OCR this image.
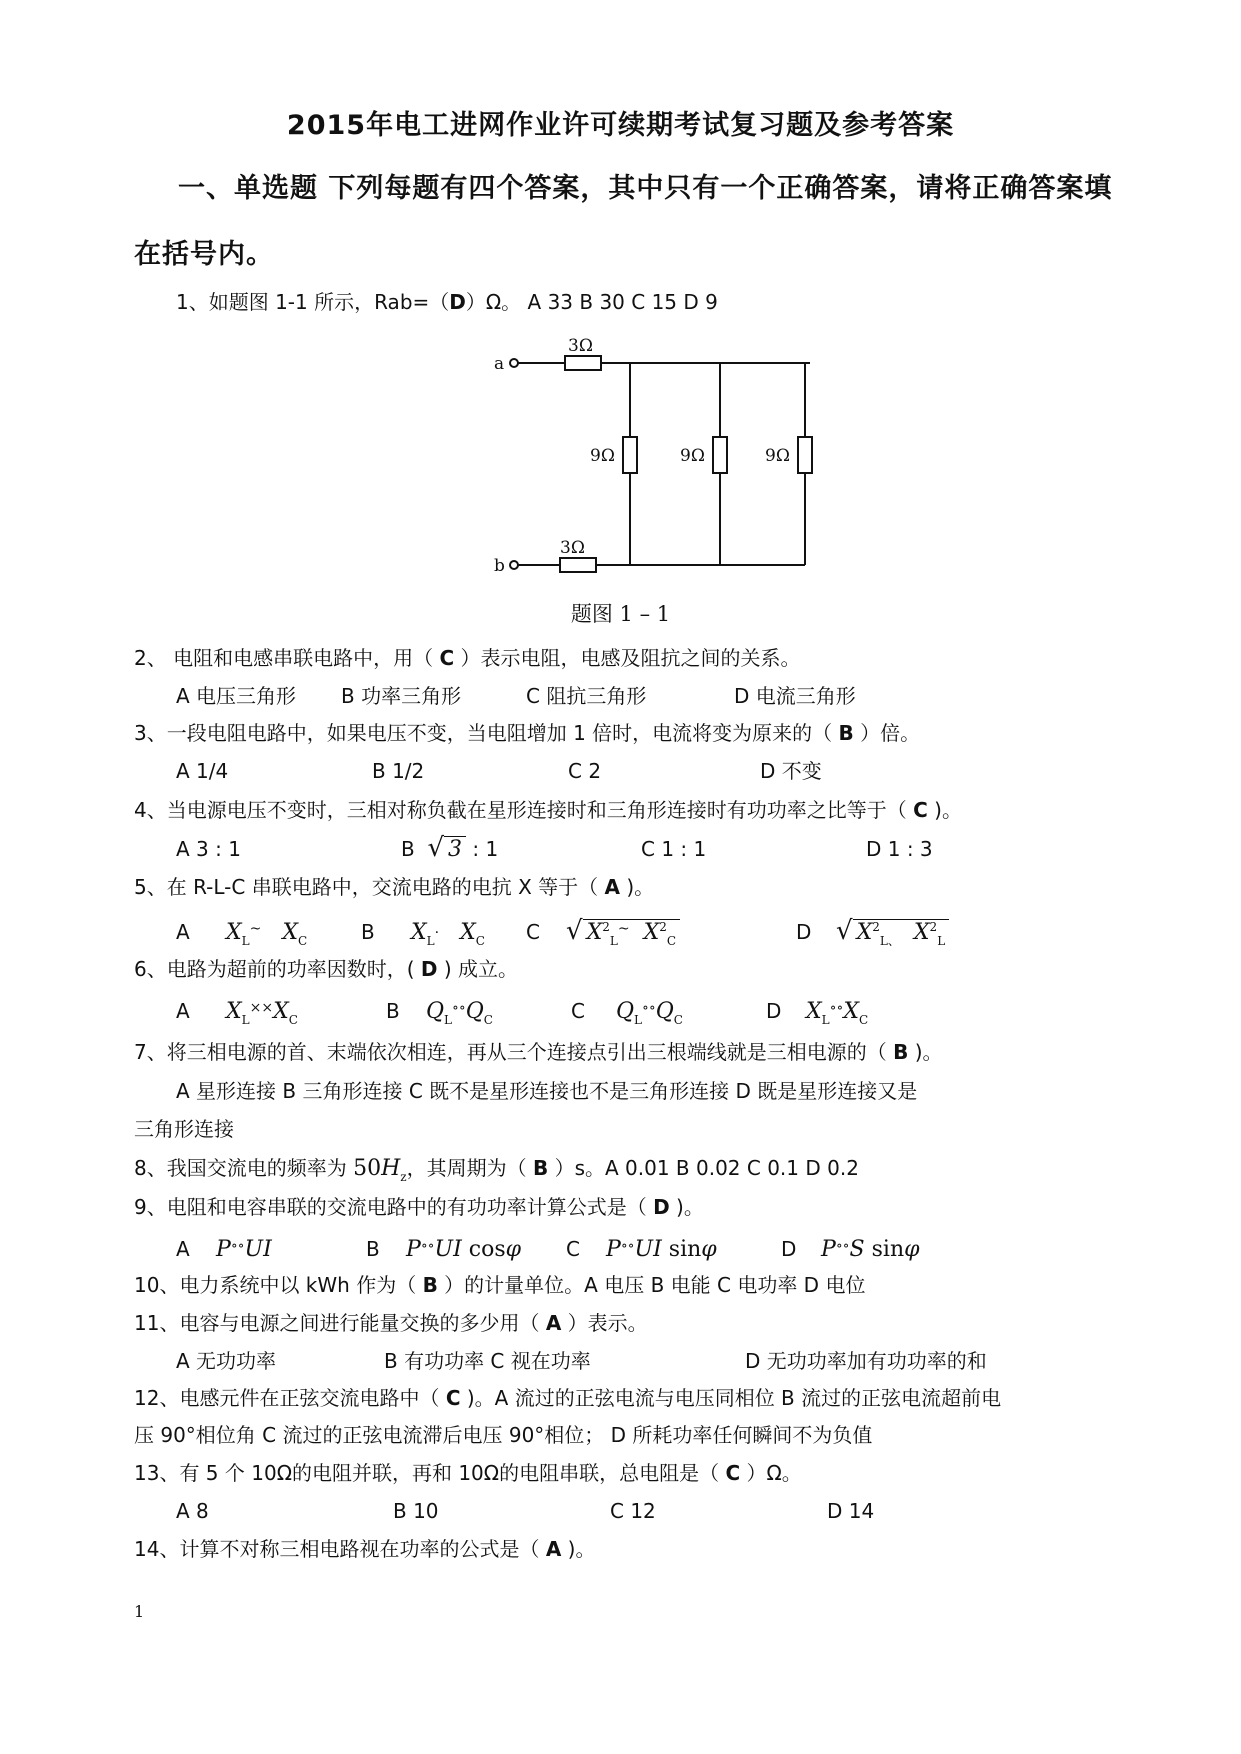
2015年电工进网作业许可续期考试复习题及参考答案
一、单选题 下列每题有四个答案，其中只有一个正确答案，请将正确答案填
在括号内。
1、如题图 1-1 所示，Rab=（D）Ω。 A 33 B 30 C 15 D 9
a
b
3Ω
3Ω
9Ω	9Ω	9Ω
题图 1 – 1
2、 电阻和电感串联电路中，用（ C ）表示电阻，电感及阻抗之间的关系。
A 电压三角形 B 功率三角形	C 阻抗三角形	D 电流三角形
3、一段电阻电路中，如果电压不变，当电阻增加 1 倍时，电流将变为原来的（ B ）倍。
A 1/4	B 1/2	C 2	D 不变
4、当电源电压不变时，三相对称负截在星形连接时和三角形连接时有功功率之比等于（ C )。
A 3 : 1	B √ 3 : 1	C 1 : 1	D 1 : 3
5、在 R-L-C 串联电路中，交流电路的电抗 X 等于（ A )。
A $X_L^\sim$ $X_C$	B $X_L^.$ $X_C$ C √ $X^2_L^\sim$ $X^2_C$	D √ $X^2_{L、}$ $X^2_L$
6、电路为超前的功率因数时，( D ) 成立。
A $X_L^{\times\times}X_C$	B $Q_L^{\circ\circ}Q_C$	C $Q_L^{\circ\circ}Q_C$	D $X_L^{\circ\circ}X_C$
7、将三相电源的首、末端依次相连，再从三个连接点引出三根端线就是三相电源的（ B )。
A 星形连接 B 三角形连接 C 既不是星形连接也不是三角形连接 D 既是星形连接又是
三角形连接
8、我国交流电的频率为 $50H_z$，其周期为（ B ）s。A 0.01 B 0.02 C 0.1 D 0.2
9、电阻和电容串联的交流电路中的有功功率计算公式是（ D )。
A P∘∘UI	B P∘∘UI cosφ C P∘∘UI sinφ	D P∘∘S sinφ
10、电力系统中以 kWh 作为（ B ）的计量单位。A 电压 B 电能 C 电功率 D 电位
11、电容与电源之间进行能量交换的多少用（ A ）表示。
A 无功功率	B 有功功率 C 视在功率	D 无功功率加有功功率的和
12、电感元件在正弦交流电路中（ C )。A 流过的正弦电流与电压同相位 B 流过的正弦电流超前电
压 90°相位角 C 流过的正弦电流滞后电压 90°相位； D 所耗功率任何瞬间不为负值
13、有 5 个 10Ω的电阻并联，再和 10Ω的电阻串联，总电阻是（ C ）Ω。
A 8	B 10	C 12	D 14
14、计算不对称三相电路视在功率的公式是（ A )。
1
